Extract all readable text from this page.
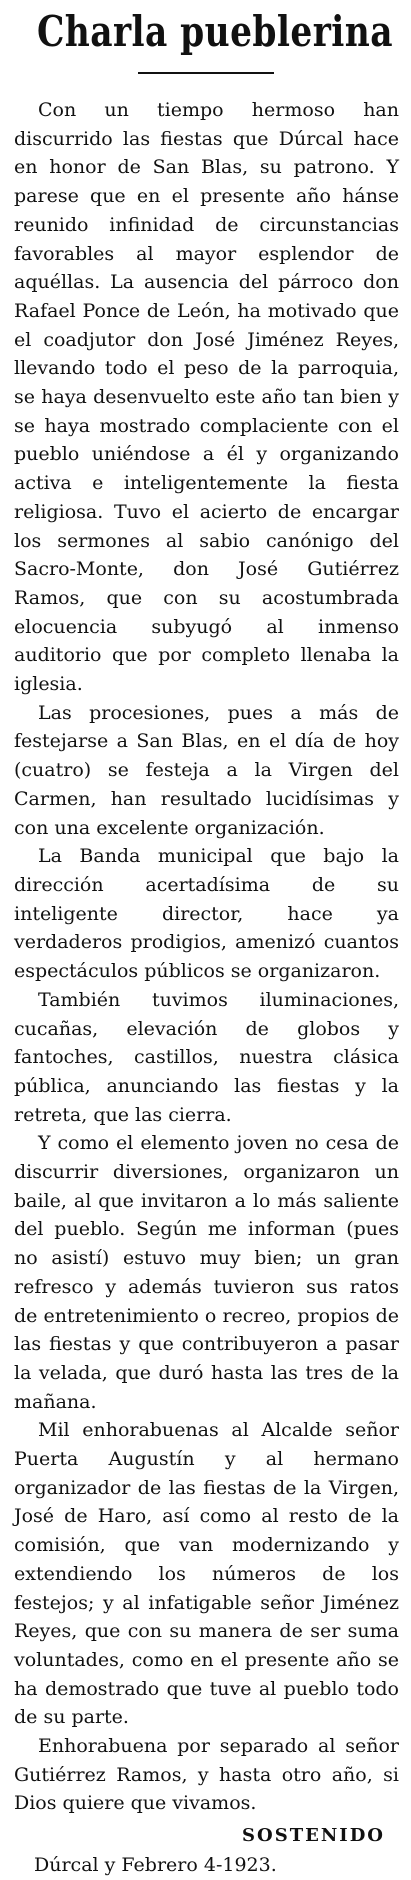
Charla pueblerina

Con un tiempo hermoso han discurrido las fiestas que Dúrcal hace en honor de San Blas, su patrono. Y parese que en el presente año hánse reunido infinidad de circunstancias favorables al mayor esplendor de aquéllas. La ausencia del párroco don Rafael Ponce de León, ha motivado que el coadjutor don José Jiménez Reyes, llevando todo el peso de la parroquia, se haya desenvuelto este año tan bien y se haya mostrado complaciente con el pueblo uniéndose a él y organizando activa e inteligentemente la fiesta religiosa. Tuvo el acierto de encargar los sermones al sabio canónigo del Sacro-Monte, don José Gutiérrez Ramos, que con su acostumbrada elocuencia subyugó al inmenso auditorio que por completo llenaba la iglesia.

Las procesiones, pues a más de festejarse a San Blas, en el día de hoy (cuatro) se festeja a la Virgen del Carmen, han resultado lucidísimas y con una excelente organización.

La Banda municipal que bajo la dirección acertadísima de su inteligente director, hace ya verdaderos prodigios, amenizó cuantos espectáculos públicos se organizaron.

También tuvimos iluminaciones, cucañas, elevación de globos y fantoches, castillos, nuestra clásica pública, anunciando las fiestas y la retreta, que las cierra.

Y como el elemento joven no cesa de discurrir diversiones, organizaron un baile, al que invitaron a lo más saliente del pueblo. Según me informan (pues no asistí) estuvo muy bien; un gran refresco y además tuvieron sus ratos de entretenimiento o recreo, propios de las fiestas y que contribuyeron a pasar la velada, que duró hasta las tres de la mañana.

Mil enhorabuenas al Alcalde señor Puerta Augustín y al hermano organizador de las fiestas de la Virgen, José de Haro, así como al resto de la comisión, que van modernizando y extendiendo los números de los festejos; y al infatigable señor Jiménez Reyes, que con su manera de ser suma voluntades, como en el presente año se ha demostrado que tuve al pueblo todo de su parte.

Enhorabuena por separado al señor Gutiérrez Ramos, y hasta otro año, si Dios quiere que vivamos.

SOSTENIDO

Dúrcal y Febrero 4-1923.
